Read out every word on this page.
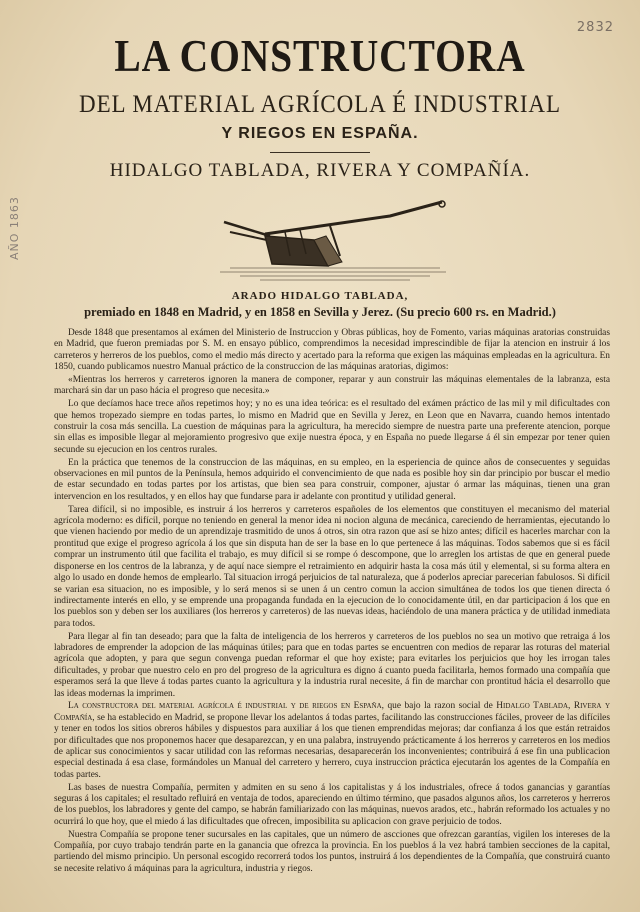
2832
AÑO 1863
LA CONSTRUCTORA
DEL MATERIAL AGRÍCOLA É INDUSTRIAL
Y RIEGOS EN ESPAÑA.
HIDALGO TABLADA, RIVERA Y COMPAÑÍA.
ARADO HIDALGO TABLADA,
premiado en 1848 en Madrid, y en 1858 en Sevilla y Jerez. (Su precio 600 rs. en Madrid.)

Desde 1848 que presentamos al exámen del Ministerio de Instruccion y Obras públicas, hoy de Fomento, varias máquinas aratorias construidas en Madrid, que fueron premiadas por S. M. en ensayo público, comprendimos la necesidad imprescindible de fijar la atencion en instruir á los carreteros y herreros de los pueblos, como el medio más directo y acertado para la reforma que exigen las máquinas empleadas en la agricultura. En 1850, cuando publicamos nuestro Manual práctico de la construccion de las máquinas aratorias, digimos:

«Mientras los herreros y carreteros ignoren la manera de componer, reparar y aun construir las máquinas elementales de la labranza, esta marchará sin dar un paso hácia el progreso que necesita.»

Lo que decíamos hace trece años repetimos hoy; y no es una idea teórica: es el resultado del exámen práctico de las mil y mil dificultades con que hemos tropezado siempre en todas partes, lo mismo en Madrid que en Sevilla y Jerez, en Leon que en Navarra, cuando hemos intentado construir la cosa más sencilla. La cuestion de máquinas para la agricultura, ha merecido siempre de nuestra parte una preferente atencion, porque sin ellas es imposible llegar al mejoramiento progresivo que exije nuestra época, y en España no puede llegarse á él sin empezar por tener quien secunde su ejecucion en los centros rurales.

En la práctica que tenemos de la construccion de las máquinas, en su empleo, en la esperiencia de quince años de consecuentes y seguidas observaciones en mil puntos de la Península, hemos adquirido el convencimiento de que nada es posible hoy sin dar principio por buscar el medio de estar secundado en todas partes por los artistas, que bien sea para construir, componer, ajustar ó armar las máquinas, tienen una gran intervencion en los resultados, y en ellos hay que fundarse para ir adelante con prontitud y utilidad general.

Tarea difícil, si no imposible, es instruir á los herreros y carreteros españoles de los elementos que constituyen el mecanismo del material agrícola moderno: es difícil, porque no teniendo en general la menor idea ni nocion alguna de mecánica, careciendo de herramientas, ejecutando lo que vienen haciendo por medio de un aprendizaje trasmitido de unos á otros, sin otra razon que así se hizo antes; difícil es hacerles marchar con la prontitud que exige el progreso agrícola á los que sin disputa han de ser la base en lo que pertenece á las máquinas. Todos sabemos que si es fácil comprar un instrumento útil que facilita el trabajo, es muy difícil si se rompe ó descompone, que lo arreglen los artistas de que en general puede disponerse en los centros de la labranza, y de aquí nace siempre el retraimiento en adquirir hasta la cosa más útil y elemental, si su forma altera en algo lo usado en donde hemos de emplearlo. Tal situacion irrogá perjuicios de tal naturaleza, que á poderlos apreciar parecerian fabulosos. Si difícil se varian esa situacion, no es imposible, y lo será menos si se unen á un centro comun la accion simultánea de todos los que tienen directa ó indirectamente interés en ello, y se emprende una propaganda fundada en la ejecucion de lo conocidamente útil, en dar participacion á los que en los pueblos son y deben ser los auxiliares (los herreros y carreteros) de las nuevas ideas, haciéndolo de una manera práctica y de utilidad inmediata para todos.

Para llegar al fin tan deseado; para que la falta de inteligencia de los herreros y carreteros de los pueblos no sea un motivo que retraiga á los labradores de emprender la adopcion de las máquinas útiles; para que en todas partes se encuentren con medios de reparar las roturas del material agrícola que adopten, y para que segun convenga puedan reformar el que hoy existe; para evitarles los perjuicios que hoy les irrogan tales dificultades, y probar que nuestro celo en pro del progreso de la agricultura es digno á cuanto pueda facilitarla, hemos formado una compañía que esperamos será la que lleve á todas partes cuanto la agricultura y la industria rural necesite, á fin de marchar con prontitud hácia el desarrollo que las ideas modernas la imprimen.

La constructora del material agrícola é industrial y de riegos en España, que bajo la razon social de Hidalgo Tablada, Rivera y Compañía, se ha establecido en Madrid, se propone llevar los adelantos á todas partes, facilitando las construcciones fáciles, proveer de las difíciles y tener en todos los sitios obreros hábiles y dispuestos para auxiliar á los que tienen emprendidas mejoras; dar confianza á los que están retraidos por dificultades que nos proponemos hacer que desaparezcan, y en una palabra, instruyendo prácticamente á los herreros y carreteros en los medios de aplicar sus conocimientos y sacar utilidad con las reformas necesarias, desaparecerán los inconvenientes; contribuirá á ese fin una publicacion especial destinada á esa clase, formándoles un Manual del carretero y herrero, cuya instruccion práctica ejecutarán los agentes de la Compañía en todas partes.

Las bases de nuestra Compañía, permiten y admiten en su seno á los capitalistas y á los industriales, ofrece á todos ganancias y garantías seguras á los capitales; el resultado refluirá en ventaja de todos, apareciendo en último término, que pasados algunos años, los carreteros y herreros de los pueblos, los labradores y gente del campo, se habrán familiarizado con las máquinas, nuevos arados, etc., habrán reformado los actuales y no ocurrirá lo que hoy, que el miedo á las dificultades que ofrecen, imposibilita su aplicacion con grave perjuicio de todos.

Nuestra Compañía se propone tener sucursales en las capitales, que un número de ascciones que ofrezcan garantías, vigilen los intereses de la Compañía, por cuyo trabajo tendrán parte en la ganancia que ofrezca la provincia. En los pueblos á la vez habrá tambien secciones de la capital, partiendo del mismo principio. Un personal escogido recorrerá todos los puntos, instruirá á los dependientes de la Compañía, que construirá cuanto se necesite relativo á máquinas para la agricultura, industria y riegos.
